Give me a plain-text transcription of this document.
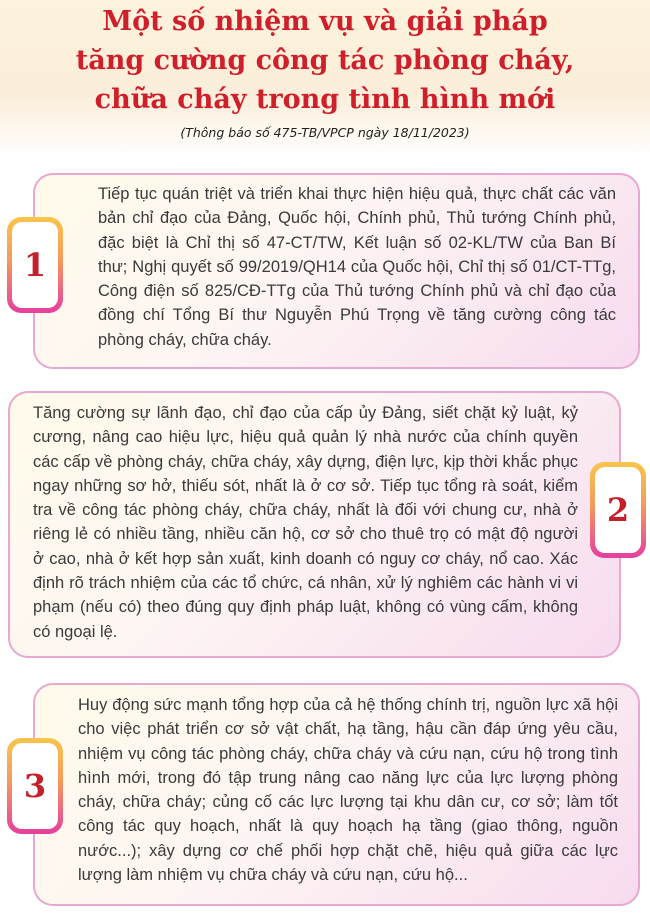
Một số nhiệm vụ và giải pháp
tăng cường công tác phòng cháy,
chữa cháy trong tình hình mới
(Thông báo số 475-TB/VPCP ngày 18/11/2023)
1

Tiếp tục quán triệt và triển khai thực hiện hiệu quả, thực chất các văn bản chỉ đạo của Đảng, Quốc hội, Chính phủ, Thủ tướng Chính phủ, đặc biệt là Chỉ thị số 47-CT/TW, Kết luận số 02-KL/TW của Ban Bí thư; Nghị quyết số 99/2019/QH14 của Quốc hội, Chỉ thị số 01/CT-TTg, Công điện số 825/CĐ-TTg của Thủ tướng Chính phủ và chỉ đạo của đồng chí Tổng Bí thư Nguyễn Phú Trọng về tăng cường công tác phòng cháy, chữa cháy.

2

Tăng cường sự lãnh đạo, chỉ đạo của cấp ủy Đảng, siết chặt kỷ luật, kỷ cương, nâng cao hiệu lực, hiệu quả quản lý nhà nước của chính quyền các cấp về phòng cháy, chữa cháy, xây dựng, điện lực, kịp thời khắc phục ngay những sơ hở, thiếu sót, nhất là ở cơ sở. Tiếp tục tổng rà soát, kiểm tra về công tác phòng cháy, chữa cháy, nhất là đối với chung cư, nhà ở riêng lẻ có nhiều tầng, nhiều căn hộ, cơ sở cho thuê trọ có mật độ người ở cao, nhà ở kết hợp sản xuất, kinh doanh có nguy cơ cháy, nổ cao. Xác định rõ trách nhiệm của các tổ chức, cá nhân, xử lý nghiêm các hành vi vi phạm (nếu có) theo đúng quy định pháp luật, không có vùng cấm, không có ngoại lệ.

3

Huy động sức mạnh tổng hợp của cả hệ thống chính trị, nguồn lực xã hội cho việc phát triển cơ sở vật chất, hạ tầng, hậu cần đáp ứng yêu cầu, nhiệm vụ công tác phòng cháy, chữa cháy và cứu nạn, cứu hộ trong tình hình mới, trong đó tập trung nâng cao năng lực của lực lượng phòng cháy, chữa cháy; củng cố các lực lượng tại khu dân cư, cơ sở; làm tốt công tác quy hoạch, nhất là quy hoạch hạ tầng (giao thông, nguồn nước...); xây dựng cơ chế phối hợp chặt chẽ, hiệu quả giữa các lực lượng làm nhiệm vụ chữa cháy và cứu nạn, cứu hộ...
